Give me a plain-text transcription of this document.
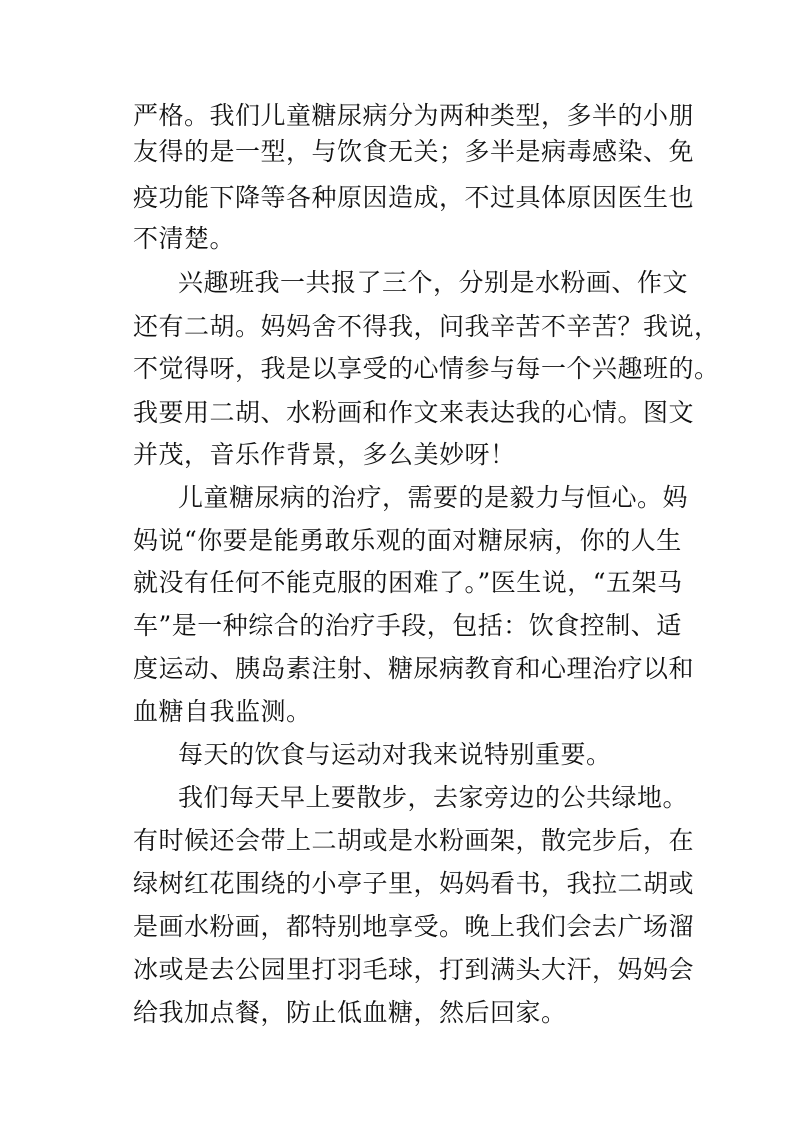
严格。我们儿童糖尿病分为两种类型，多半的小朋
友得的是一型，与饮食无关；多半是病毒感染、免
疫功能下降等各种原因造成，不过具体原因医生也
不清楚。
兴趣班我一共报了三个，分别是水粉画、作文
还有二胡。妈妈舍不得我，问我辛苦不辛苦？我说，
不觉得呀，我是以享受的心情参与每一个兴趣班的。
我要用二胡、水粉画和作文来表达我的心情。图文
并茂，音乐作背景，多么美妙呀！
儿童糖尿病的治疗，需要的是毅力与恒心。妈
妈说“你要是能勇敢乐观的面对糖尿病，你的人生
就没有任何不能克服的困难了。”医生说，“五架马
车”是一种综合的治疗手段，包括：饮食控制、适
度运动、胰岛素注射、糖尿病教育和心理治疗以和
血糖自我监测。
每天的饮食与运动对我来说特别重要。
我们每天早上要散步，去家旁边的公共绿地。
有时候还会带上二胡或是水粉画架，散完步后，在
绿树红花围绕的小亭子里，妈妈看书，我拉二胡或
是画水粉画，都特别地享受。晚上我们会去广场溜
冰或是去公园里打羽毛球，打到满头大汗，妈妈会
给我加点餐，防止低血糖，然后回家。
